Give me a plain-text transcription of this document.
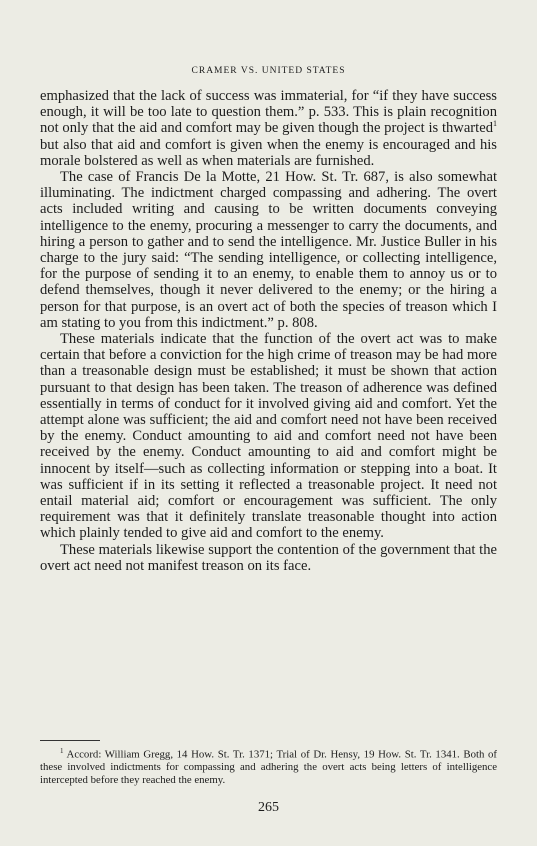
CRAMER VS. UNITED STATES

emphasized that the lack of success was immaterial, for “if they have success enough, it will be too late to question them.” p. 533. This is plain recognition not only that the aid and comfort may be given though the project is thwarted$^1$ but also that aid and comfort is given when the enemy is encouraged and his morale bolstered as well as when materials are furnished.

The case of Francis De la Motte, 21 How. St. Tr. 687, is also somewhat illuminating. The indictment charged compassing and adhering. The overt acts included writing and causing to be written documents conveying intelligence to the enemy, procuring a messenger to carry the documents, and hiring a person to gather and to send the intelligence. Mr. Justice Buller in his charge to the jury said: “The sending intelligence, or collecting intelligence, for the purpose of sending it to an enemy, to enable them to annoy us or to defend themselves, though it never delivered to the enemy; or the hiring a person for that purpose, is an overt act of both the species of treason which I am stating to you from this indictment.” p. 808.

These materials indicate that the function of the overt act was to make certain that before a conviction for the high crime of treason may be had more than a treasonable design must be established; it must be shown that action pursuant to that design has been taken. The treason of adherence was defined essentially in terms of conduct for it involved giving aid and comfort. Yet the attempt alone was sufficient; the aid and comfort need not have been received by the enemy. Conduct amounting to aid and comfort need not have been received by the enemy. Conduct amounting to aid and comfort might be innocent by itself—such as collecting information or stepping into a boat. It was sufficient if in its setting it reflected a treasonable project. It need not entail material aid; comfort or encouragement was sufficient. The only requirement was that it definitely translate treasonable thought into action which plainly tended to give aid and comfort to the enemy.

These materials likewise support the contention of the government that the overt act need not manifest treason on its face.

$^1$ Accord: William Gregg, 14 How. St. Tr. 1371; Trial of Dr. Hensy, 19 How. St. Tr. 1341. Both of these involved indictments for compassing and adhering the overt acts being letters of intelligence intercepted before they reached the enemy.
265
